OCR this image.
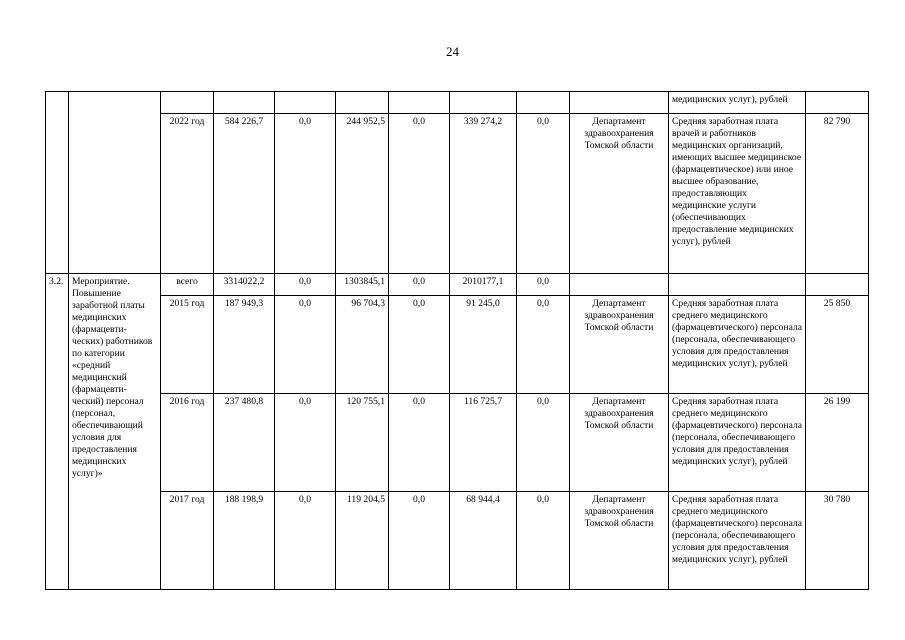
24
										медицинских услуг), рублей	
		2022 год	584 226,7	0,0	244 952,5	0,0	339 274,2	0,0	Департамент здравоохранения Томской области	Средняя заработная плата врачей и работников медицинских организаций, имеющих высшее медицинское (фармацевтическое) или иное высшее образование, предоставляющих медицинские услуги (обеспечивающих предоставление медицинских услуг), рублей	82 790
3.2.	Мероприятие. Повышение заработной платы медицинских (фармацевти-ческих) работников по категории «средний медицинский (фармацевти-ческий) персонал (персонал, обеспечивающий условия для предоставления медицинских услуг)»	всего	3314022,2	0,0	1303845,1	0,0	2010177,1	0,0			
		2015 год	187 949,3	0,0	96 704,3	0,0	91 245,0	0,0	Департамент здравоохранения Томской области	Средняя заработная плата среднего медицинского (фармацевтического) персонала (персонала, обеспечивающего условия для предоставления медицинских услуг), рублей	25 850
		2016 год	237 480,8	0,0	120 755,1	0,0	116 725,7	0,0	Департамент здравоохранения Томской области	Средняя заработная плата среднего медицинского (фармацевтического) персонала (персонала, обеспечивающего условия для предоставления медицинских услуг), рублей	26 199
		2017 год	188 198,9	0,0	119 204,5	0,0	68 944,4	0,0	Департамент здравоохранения Томской области	Средняя заработная плата среднего медицинского (фармацевтического) персонала (персонала, обеспечивающего условия для предоставления медицинских услуг), рублей	30 780
